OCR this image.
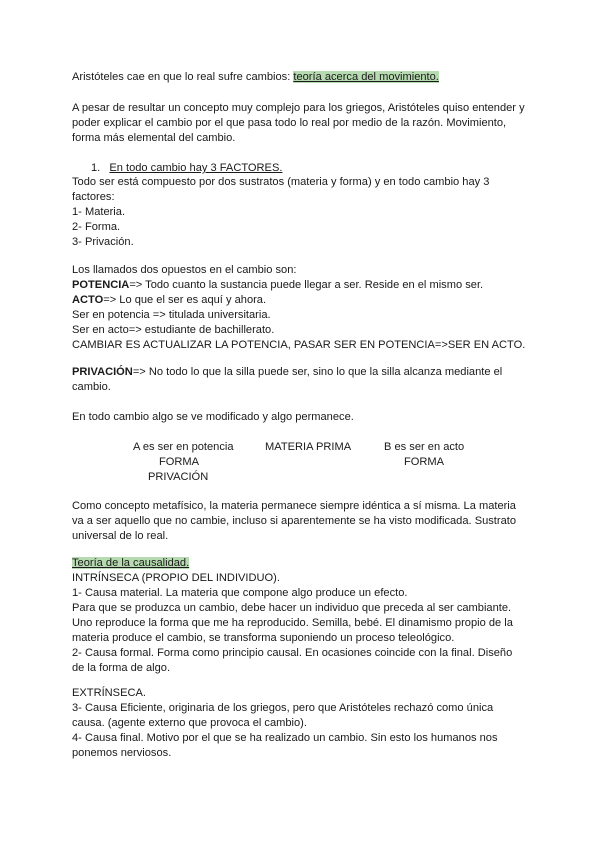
Aristóteles cae en que lo real sufre cambios: teoría acerca del movimiento.
A pesar de resultar un concepto muy complejo para los griegos, Aristóteles quiso entender y
poder explicar el cambio por el que pasa todo lo real por medio de la razón. Movimiento,
forma más elemental del cambio.
1. En todo cambio hay 3 FACTORES.
Todo ser está compuesto por dos sustratos (materia y forma) y en todo cambio hay 3
factores:
1- Materia.
2- Forma.
3- Privación.
Los llamados dos opuestos en el cambio son:
POTENCIA=> Todo cuanto la sustancia puede llegar a ser. Reside en el mismo ser.
ACTO=> Lo que el ser es aquí y ahora.
Ser en potencia => titulada universitaria.
Ser en acto=> estudiante de bachillerato.
CAMBIAR ES ACTUALIZAR LA POTENCIA, PASAR SER EN POTENCIA=>SER EN ACTO.
PRIVACIÓN=> No todo lo que la silla puede ser, sino lo que la silla alcanza mediante el
cambio.
En todo cambio algo se ve modificado y algo permanece.
A es ser en potencia
FORMA
PRIVACIÓN
MATERIA PRIMA	B es ser en acto
FORMA
Como concepto metafísico, la materia permanece siempre idéntica a sí misma. La materia
va a ser aquello que no cambie, incluso si aparentemente se ha visto modificada. Sustrato
universal de lo real.
Teoría de la causalidad.
INTRÍNSECA (PROPIO DEL INDIVIDUO).
1- Causa material. La materia que compone algo produce un efecto.
Para que se produzca un cambio, debe hacer un individuo que preceda al ser cambiante.
Uno reproduce la forma que me ha reproducido. Semilla, bebé. El dinamismo propio de la
materia produce el cambio, se transforma suponiendo un proceso teleológico.
2- Causa formal. Forma como principio causal. En ocasiones coincide con la final. Diseño
de la forma de algo.
EXTRÍNSECA.
3- Causa Eficiente, originaria de los griegos, pero que Aristóteles rechazó como única
causa. (agente externo que provoca el cambio).
4- Causa final. Motivo por el que se ha realizado un cambio. Sin esto los humanos nos
ponemos nerviosos.
